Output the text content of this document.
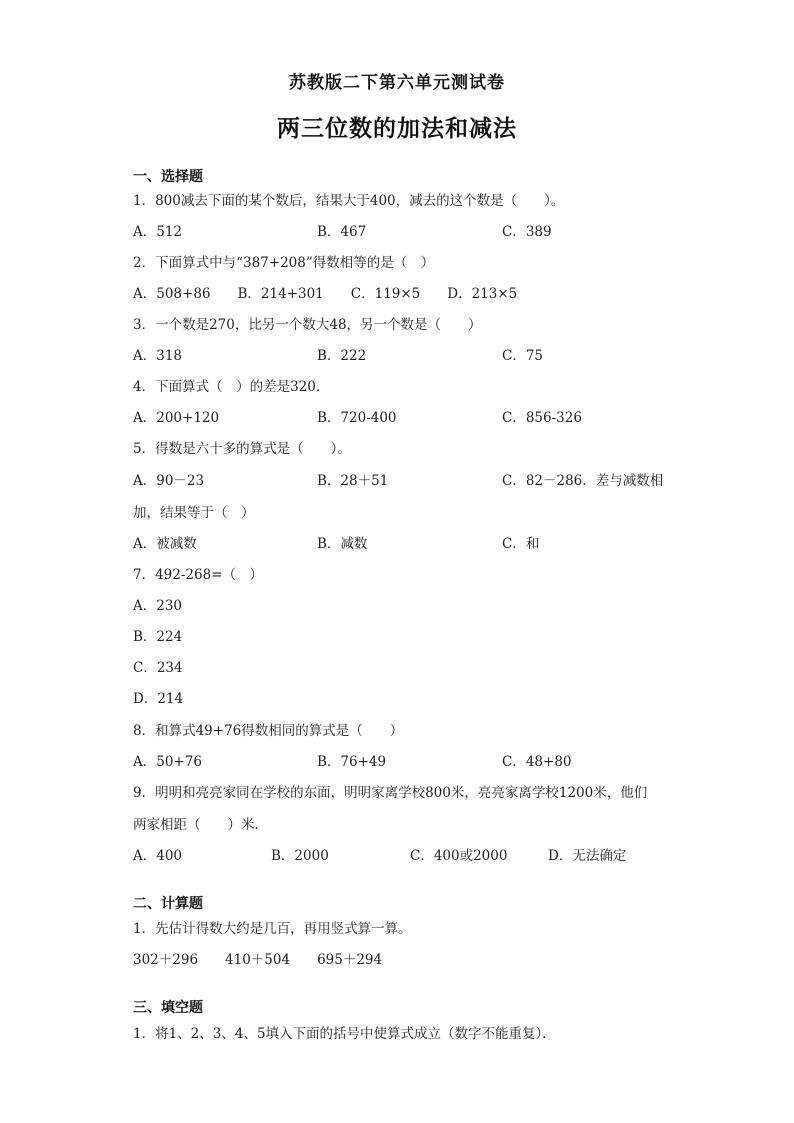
苏教版二下第六单元测试卷
两三位数的加法和减法
一、选择题
1．800减去下面的某个数后，结果大于400，减去的这个数是（　　）。
A．512	B．467	C．389
2．下面算式中与“387+208”得数相等的是（　）
A．508+86　　B．214+301　　C．119×5　　D．213×5
3．一个数是270，比另一个数大48，另一个数是（　　）
A．318	B．222	C．75
4．下面算式（　）的差是320．
A．200+120	B．720-400	C．856-326
5．得数是六十多的算式是（　　）。
A．90－23	B．28＋51	C．82－286．差与减数相
加，结果等于（　）
A．被减数	B．减数	C．和
7．492-268=（　）
A．230
B．224
C．234
D．214
8．和算式49+76得数相同的算式是（　　）
A．50+76	B．76+49	C．48+80
9．明明和亮亮家同在学校的东面，明明家离学校800米，亮亮家离学校1200米，他们
两家相距（　　）米．
A．400	B．2000	C．400或2000	D．无法确定
二、计算题
1．先估计得数大约是几百，再用竖式算一算。
302＋296　　410＋504　　695＋294
三、填空题
1．将1、2、3、4、5填入下面的括号中使算式成立（数字不能重复）．
